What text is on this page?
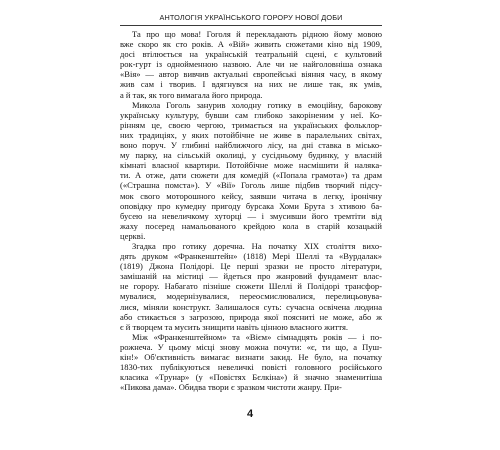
АНТОЛОГІЯ УКРАЇНСЬКОГО ГОРОРУ НОВОЇ ДОБИ
Та про що мова! Гоголя й перекладають рідною йому мовою
вже скоро як сто років. А «Вій» живить сюжетами кіно від 1909,
досі втілюється на українській театральній сцені, є культовий
рок-гурт із однойменною назвою. Але чи не найголовніша ознака
«Вія» — автор вивчив актуальні європейські віяння часу, в якому
жив сам і творив. І вдягнувся на них не лише так, як умів,
а й так, як того вимагала його природа.
Микола Гоголь занурив холодну готику в емоційну, барокову
українську культуру, бувши сам глибоко закоріненим у неї. Ко-
рінням це, своєю чергою, тримається на українських фольклор-
них традиціях, у яких потойбічне не живе в паралельних світах,
воно поруч. У глибині найближчого лісу, на дні ставка в місько-
му парку, на сільській околиці, у сусідньому будинку, у власній
кімнаті власної квартири. Потойбічне може насмішити й налякa-
ти. А отже, дати сюжети для комедій («Попала грамота») та драм
(«Страшна помста»). У «Вії» Гоголь лише підбив творчий підсу-
мок свого моторошного кейсу, заявши читача в легку, іронічну
оповідку про кумедну пригоду бурсака Хоми Брута з хтивою ба-
бусею на невеличкому хуторці — і змусивши його тремтіти від
жаху посеред намальованого крейдою кола в старій козацькій
церкві.
Згадка про готику доречна. На початку XIX століття вихо-
дять друком «Франкенштейн» (1818) Мері Шеллі та «Вурдалак»
(1819) Джона Полідорі. Це перші зразки не просто літератури,
замішаній на містиці — йдеться про жанровий фундамент влас-
не горору. Набагато пізніше сюжети Шеллі й Полідорі трансфор-
мувалися, модернізувалися, переосмислювалися, перелицьовува-
лися, міняли конструкт. Залишалося суть: сучасна освічена людина
або стикається з загрозою, природа якої поясниті не може, або ж
є й творцем та мусить знищити навіть цінною власного життя.
Між «Франкенштейном» та «Вієм» сімнадцять років — і по-
рожнеча. У цьому місці знову можна почути: «є, ти що, а Пуш-
кін!» Об'єктивність вимагає визнати закид. Не було, на початку
1830-тих публікуються невеличкі повісті головного російського
класика «Трунар» (у «Повістях Бєлкіна») й значно знаменитіша
«Пикова дама». Обидва твори є зразком чистоти жанру. При-
4
